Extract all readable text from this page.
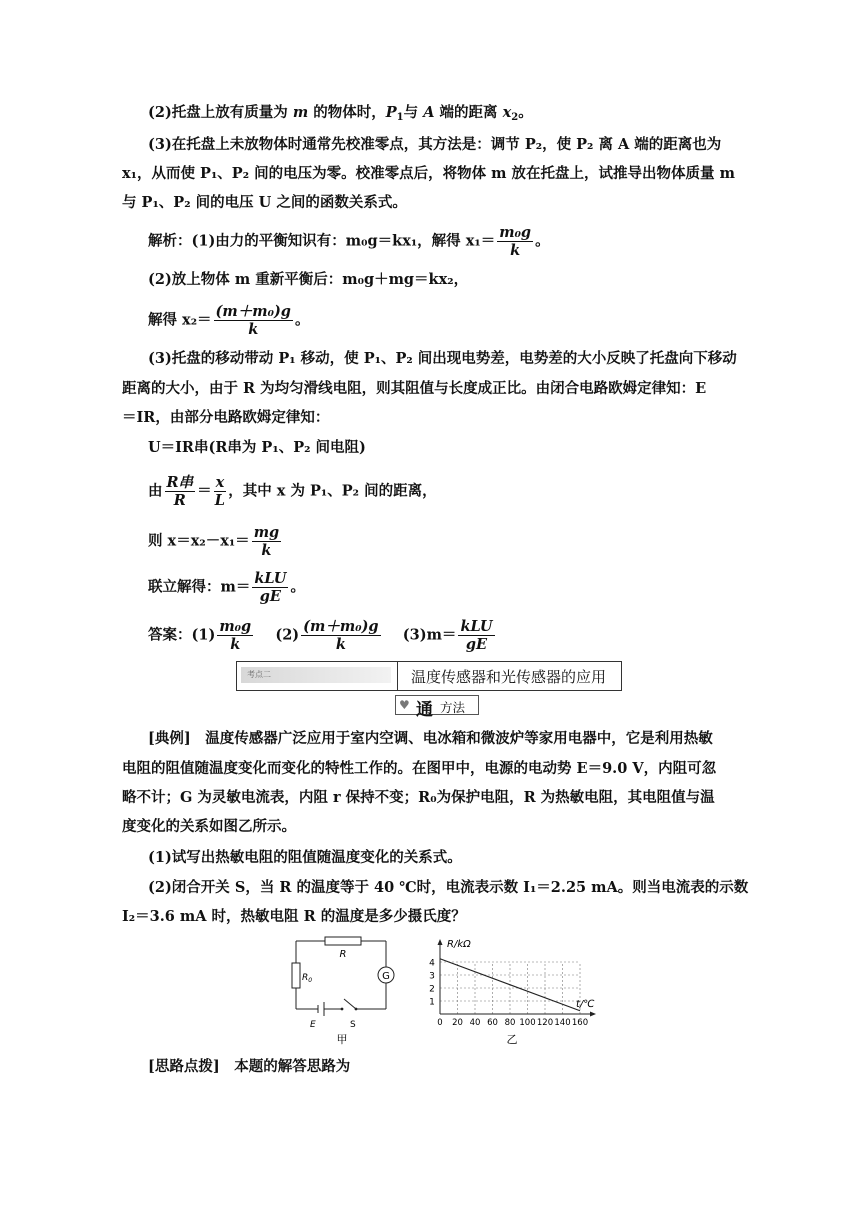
(2)托盘上放有质量为 m 的物体时，$P_1$与 A 端的距离 $x_2$。
(3)在托盘上未放物体时通常先校准零点，其方法是：调节 P₂，使 P₂ 离 A 端的距离也为
x₁，从而使 P₁、P₂ 间的电压为零。校准零点后，将物体 m 放在托盘上，试推导出物体质量 m
与 P₁、P₂ 间的电压 U 之间的函数关系式。
解析：(1)由力的平衡知识有：m₀g＝kx₁，解得 $x_1= \frac{\text{m₀g}}{k}$ 。
(2)放上物体 m 重新平衡后：m₀g＋mg＝kx₂，
解得 $x_2= \frac{\text{(m＋m₀)g}}{k}$ 。
(3)托盘的移动带动 P₁ 移动，使 P₁、P₂ 间出现电势差，电势差的大小反映了托盘向下移动
距离的大小，由于 R 为均匀滑线电阻，则其阻值与长度成正比。由闭合电路欧姆定律知：E
＝IR，由部分电路欧姆定律知：
U＝IR串(R串为 P₁、P₂ 间电阻)
由 $\frac{\text{R串}}{R} = \frac{x}{L}$ ，其中 x 为 P₁、P₂ 间的距离，
则 $x=x_2-x_1= \frac{mg}{k}$
联立解得：$m= \frac{\text{kLU}}{gE}$ 。
答案：$(1) \frac{\text{m₀g}}{k} (2) \frac{\text{(m＋m₀)g}}{k} (3)m= \frac{\text{kLU}}{gE}$
考点二	温度传感器和光传感器的应用
♥ 通 方法
[典例]　温度传感器广泛应用于室内空调、电冰箱和微波炉等家用电器中，它是利用热敏
电阻的阻值随温度变化而变化的特性工作的。在图甲中，电源的电动势 E＝9.0 V，内阻可忽
略不计；G 为灵敏电流表，内阻 r 保持不变；R₀为保护电阻，R 为热敏电阻，其电阻值与温
度变化的关系如图乙所示。
(1)试写出热敏电阻的阻值随温度变化的关系式。
(2)闭合开关 S，当 R 的温度等于 40 ℃时，电流表示数 I₁＝2.25 mA。则当电流表的示数
I₂＝3.6 mA 时，热敏电阻 R 的温度是多少摄氏度？
R
$R_0$	G
E	S
甲
R/kΩ
t/℃
4
3
2
1
0 20 40 60 80 100 120 140 160
乙
[思路点拨]　本题的解答思路为
